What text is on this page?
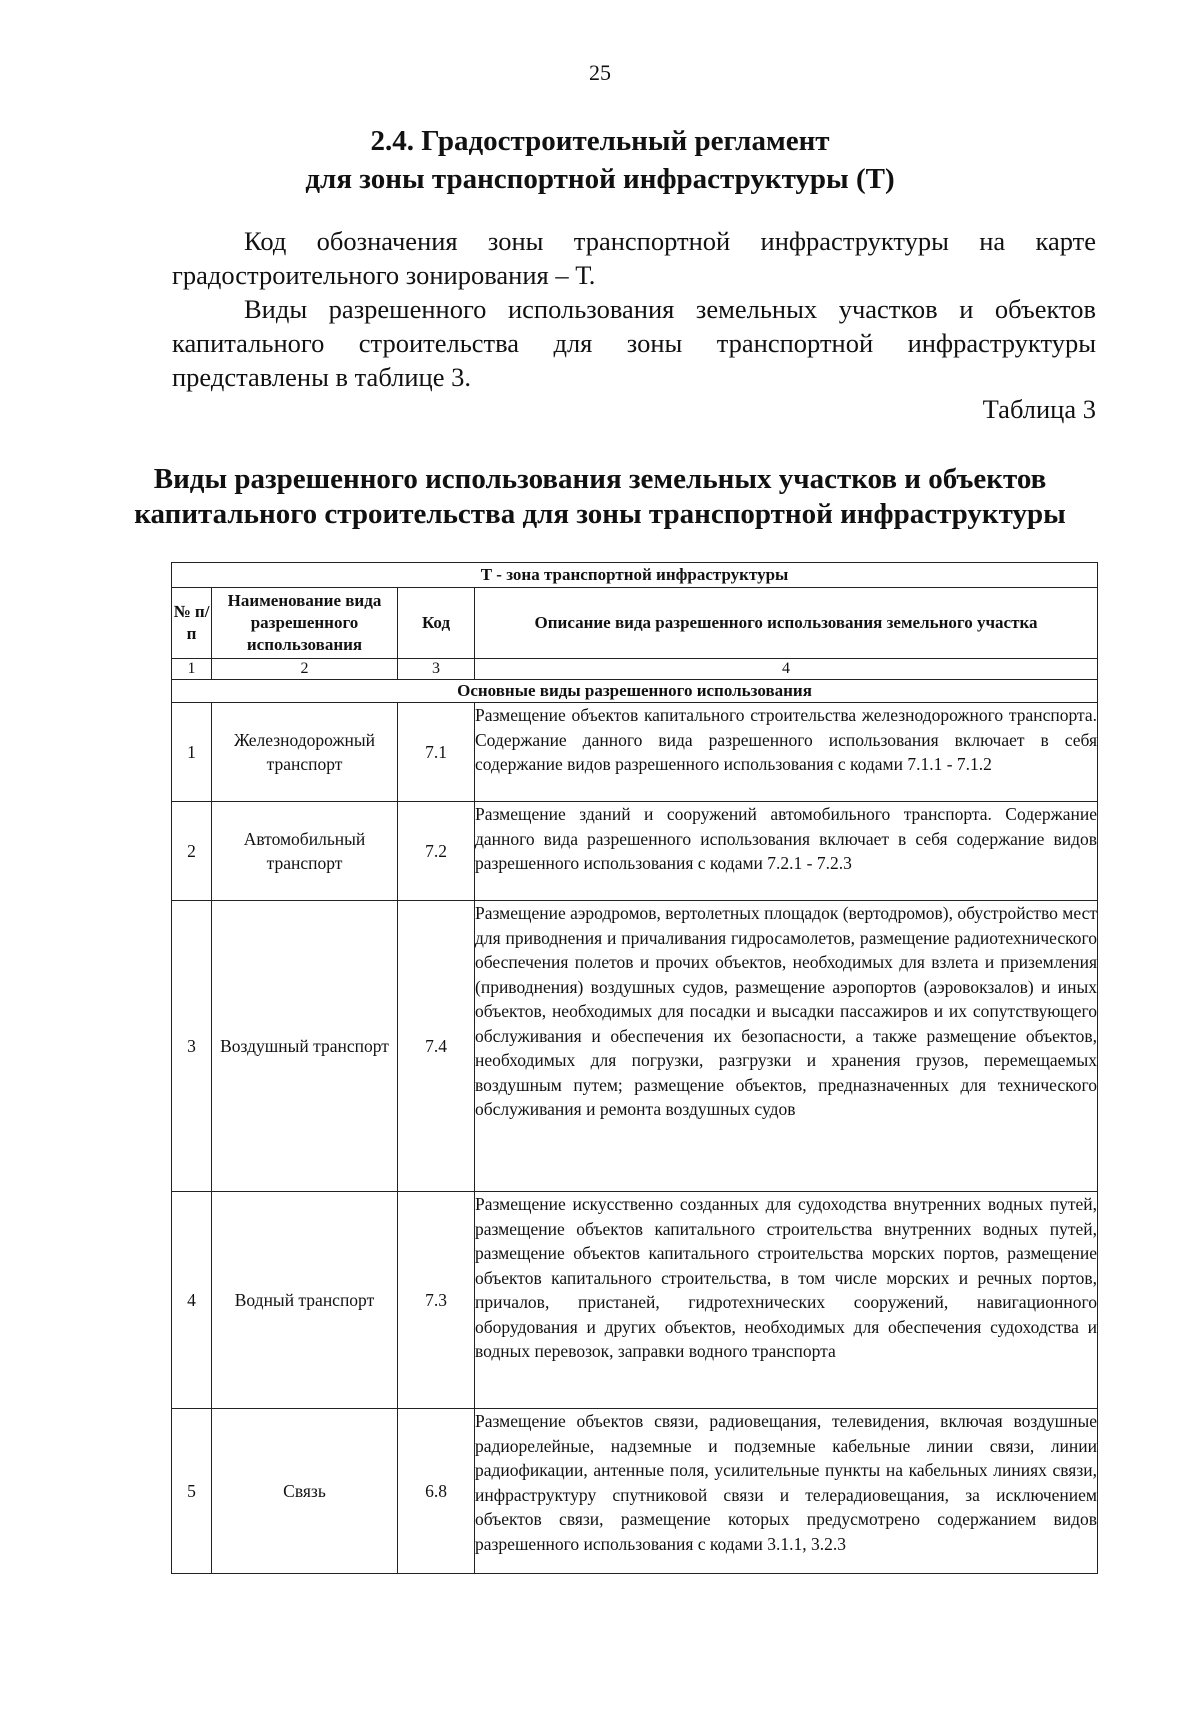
25
2.4. Градостроительный регламент
для зоны транспортной инфраструктуры (Т)

Код обозначения зоны транспортной инфраструктуры на карте градостроительного зонирования – Т.

Виды разрешенного использования земельных участков и объектов капитального строительства для зоны транспортной инфраструктуры представлены в таблице 3.

Таблица 3
Виды разрешенного использования земельных участков и объектов
капитального строительства для зоны транспортной инфраструктуры
Т - зона транспортной инфраструктуры			
№ п/п	Наименование вида разрешенного использования	Код	Описание вида разрешенного использования земельного участка
1	2	3	4
Основные виды разрешенного использования			
1	Железнодорожный транспорт	7.1	Размещение объектов капитального строительства железнодорожного транспорта. Содержание данного вида разрешенного использования включает в себя содержание видов разрешенного использования с кодами 7.1.1 - 7.1.2
2	Автомобильный транспорт	7.2	Размещение зданий и сооружений автомобильного транспорта. Содержание данного вида разрешенного использования включает в себя содержание видов разрешенного использования с кодами 7.2.1 - 7.2.3
3	Воздушный транспорт	7.4	Размещение аэродромов, вертолетных площадок (вертодромов), обустройство мест для приводнения и причаливания гидросамолетов, размещение радиотехнического обеспечения полетов и прочих объектов, необходимых для взлета и приземления (приводнения) воздушных судов, размещение аэропортов (аэровокзалов) и иных объектов, необходимых для посадки и высадки пассажиров и их сопутствующего обслуживания и обеспечения их безопасности, а также размещение объектов, необходимых для погрузки, разгрузки и хранения грузов, перемещаемых воздушным путем; размещение объектов, предназначенных для технического обслуживания и ремонта воздушных судов
4	Водный транспорт	7.3	Размещение искусственно созданных для судоходства внутренних водных путей, размещение объектов капитального строительства внутренних водных путей, размещение объектов капитального строительства морских портов, размещение объектов капитального строительства, в том числе морских и речных портов, причалов, пристаней, гидротехнических сооружений, навигационного оборудования и других объектов, необходимых для обеспечения судоходства и водных перевозок, заправки водного транспорта
5	Связь	6.8	Размещение объектов связи, радиовещания, телевидения, включая воздушные радиорелейные, надземные и подземные кабельные линии связи, линии радиофикации, антенные поля, усилительные пункты на кабельных линиях связи, инфраструктуру спутниковой связи и телерадиовещания, за исключением объектов связи, размещение которых предусмотрено содержанием видов разрешенного использования с кодами 3.1.1, 3.2.3
